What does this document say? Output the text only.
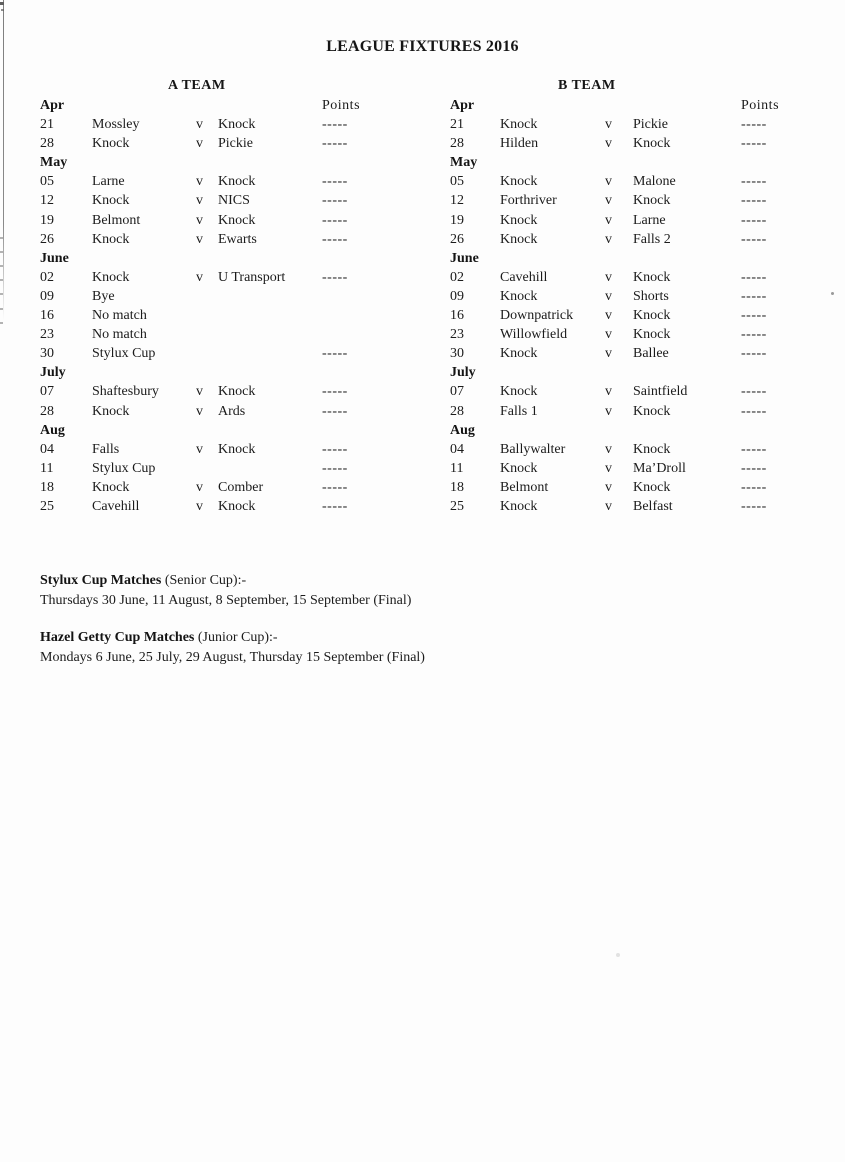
LEAGUE FIXTURES 2016
A TEAM	B TEAM
Apr	Points
21	Mossley	v	Knock	-----
28	Knock	v	Pickie	-----
May
05	Larne	v	Knock	-----
12	Knock	v	NICS	-----
19	Belmont	v	Knock	-----
26	Knock	v	Ewarts	-----
June
02	Knock	v	U Transport	-----
09	Bye
16	No match
23	No match
30	Stylux Cup	-----
July
07	Shaftesbury	v	Knock	-----
28	Knock	v	Ards	-----
Aug
04	Falls	v	Knock	-----
11	Stylux Cup	-----
18	Knock	v	Comber	-----
25	Cavehill	v	Knock	-----
Apr	Points
21	Knock	v	Pickie	-----
28	Hilden	v	Knock	-----
May
05	Knock	v	Malone	-----
12	Forthriver	v	Knock	-----
19	Knock	v	Larne	-----
26	Knock	v	Falls 2	-----
June
02	Cavehill	v	Knock	-----
09	Knock	v	Shorts	-----
16	Downpatrick	v	Knock	-----
23	Willowfield	v	Knock	-----
30	Knock	v	Ballee	-----
July
07	Knock	v	Saintfield	-----
28	Falls 1	v	Knock	-----
Aug
04	Ballywalter	v	Knock	-----
11	Knock	v	Ma’Droll	-----
18	Belmont	v	Knock	-----
25	Knock	v	Belfast	-----
Stylux Cup Matches (Senior Cup):-
Thursdays 30 June, 11 August, 8 September, 15 September (Final)
Hazel Getty Cup Matches (Junior Cup):-
Mondays 6 June, 25 July, 29 August, Thursday 15 September (Final)
